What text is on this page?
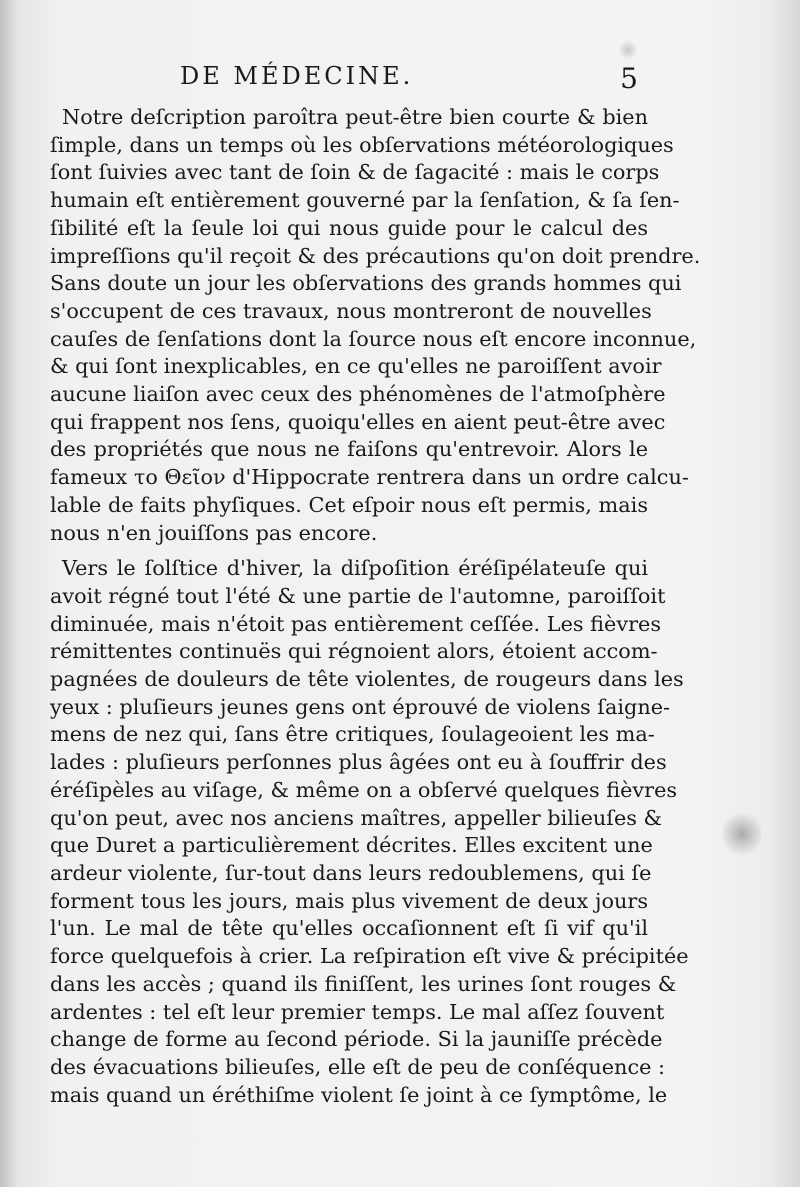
DE MÉDECINE.	5
Notre deſcription paroîtra peut-être bien courte & bien
ſimple, dans un temps où les obſervations météorologiques
ſont ſuivies avec tant de ſoin & de ſagacité : mais le corps
humain eſt entièrement gouverné par la ſenſation, & ſa ſen-
ſibilité eſt la ſeule loi qui nous guide pour le calcul des
impreſſions qu'il reçoit & des précautions qu'on doit prendre.
Sans doute un jour les obſervations des grands hommes qui
s'occupent de ces travaux, nous montreront de nouvelles
cauſes de ſenſations dont la ſource nous eſt encore inconnue,
& qui ſont inexplicables, en ce qu'elles ne paroiſſent avoir
aucune liaiſon avec ceux des phénomènes de l'atmoſphère
qui frappent nos ſens, quoiqu'elles en aient peut-être avec
des propriétés que nous ne faiſons qu'entrevoir. Alors le
fameux το Θεῖον d'Hippocrate rentrera dans un ordre calcu-
lable de faits phyſiques. Cet eſpoir nous eſt permis, mais
nous n'en jouiſſons pas encore.
Vers le ſolſtice d'hiver, la diſpoſition éréſipélateuſe qui
avoit régné tout l'été & une partie de l'automne, paroiſſoit
diminuée, mais n'étoit pas entièrement ceſſée. Les fièvres
rémittentes continuës qui régnoient alors, étoient accom-
pagnées de douleurs de tête violentes, de rougeurs dans les
yeux : pluſieurs jeunes gens ont éprouvé de violens ſaigne-
mens de nez qui, ſans être critiques, ſoulageoient les ma-
lades : pluſieurs perſonnes plus âgées ont eu à ſouffrir des
éréſipèles au viſage, & même on a obſervé quelques fièvres
qu'on peut, avec nos anciens maîtres, appeller bilieuſes &
que Duret a particulièrement décrites. Elles excitent une
ardeur violente, ſur-tout dans leurs redoublemens, qui ſe
forment tous les jours, mais plus vivement de deux jours
l'un. Le mal de tête qu'elles occaſionnent eſt ſi vif qu'il
force quelquefois à crier. La reſpiration eſt vive & précipitée
dans les accès ; quand ils finiſſent, les urines ſont rouges &
ardentes : tel eſt leur premier temps. Le mal aſſez ſouvent
change de forme au ſecond période. Si la jauniſſe précède
des évacuations bilieuſes, elle eſt de peu de conſéquence :
mais quand un éréthiſme violent ſe joint à ce ſymptôme, le
